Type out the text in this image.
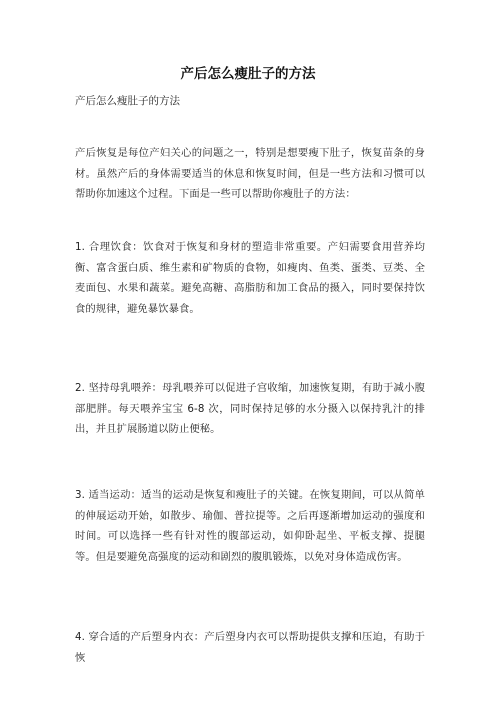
产后怎么瘦肚子的方法
产后怎么瘦肚子的方法
产后恢复是每位产妇关心的问题之一，特别是想要瘦下肚子，恢复苗条的身材。虽然产后的身体需要适当的休息和恢复时间，但是一些方法和习惯可以帮助你加速这个过程。下面是一些可以帮助你瘦肚子的方法：
1. 合理饮食：饮食对于恢复和身材的塑造非常重要。产妇需要食用营养均衡、富含蛋白质、维生素和矿物质的食物，如瘦肉、鱼类、蛋类、豆类、全麦面包、水果和蔬菜。避免高糖、高脂肪和加工食品的摄入，同时要保持饮食的规律，避免暴饮暴食。
2. 坚持母乳喂养：母乳喂养可以促进子宫收缩，加速恢复期，有助于减小腹部肥胖。每天喂养宝宝 6-8 次，同时保持足够的水分摄入以保持乳汁的排出，并且扩展肠道以防止便秘。
3. 适当运动：适当的运动是恢复和瘦肚子的关键。在恢复期间，可以从简单的伸展运动开始，如散步、瑜伽、普拉提等。之后再逐渐增加运动的强度和时间。可以选择一些有针对性的腹部运动，如仰卧起坐、平板支撑、提腿等。但是要避免高强度的运动和剧烈的腹肌锻炼，以免对身体造成伤害。
4. 穿合适的产后塑身内衣：产后塑身内衣可以帮助提供支撑和压迫，有助于恢
